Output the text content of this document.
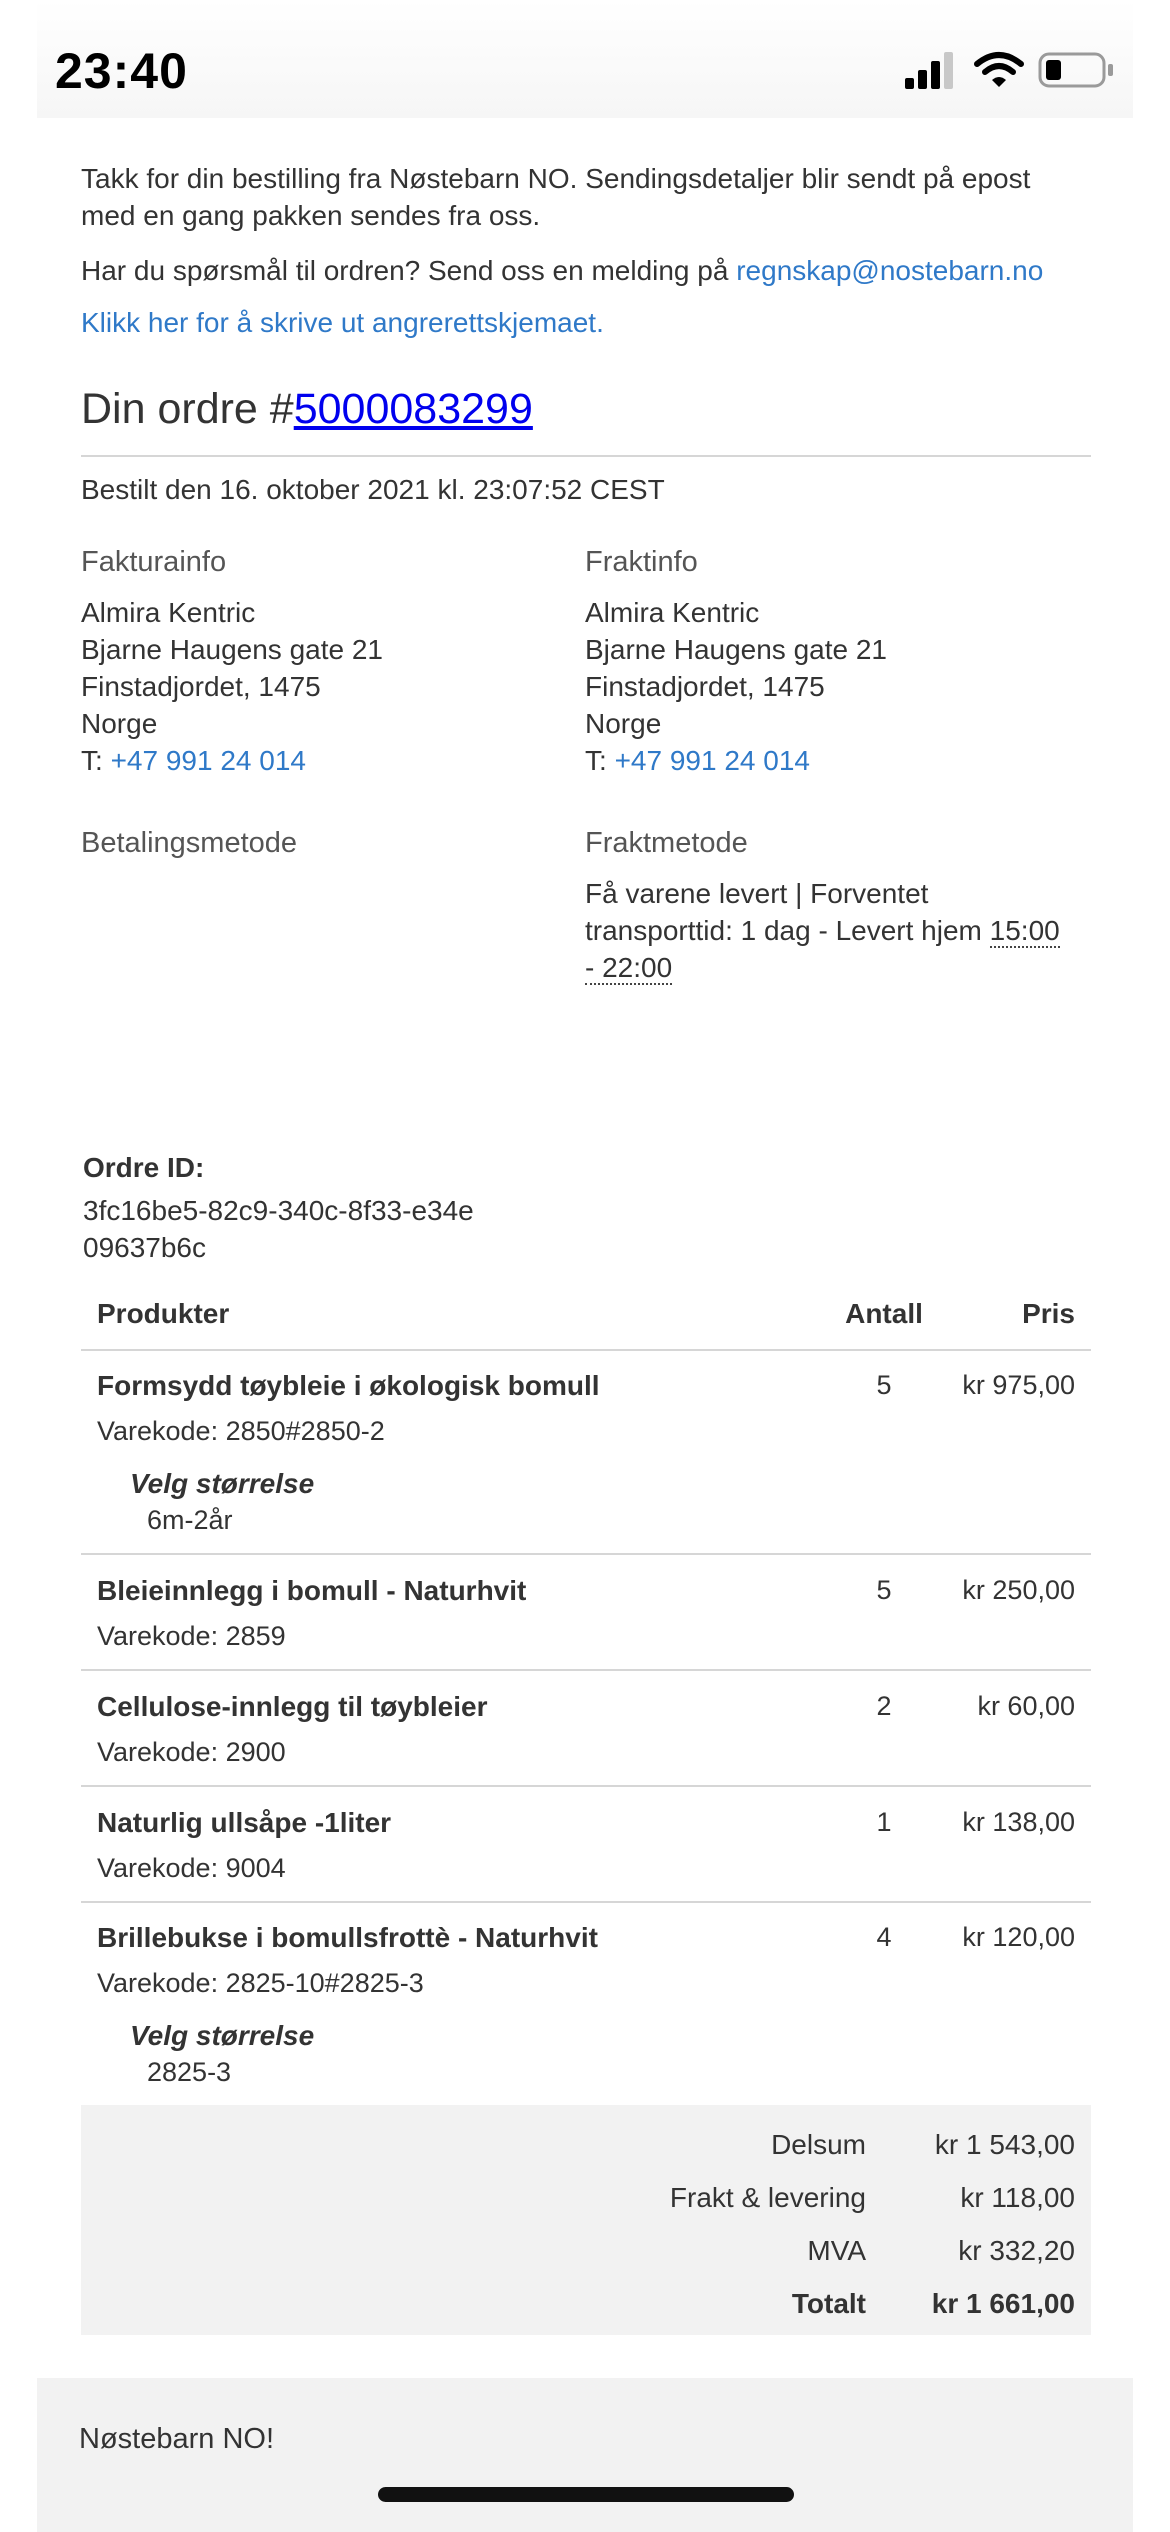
23:40
Takk for din bestilling fra Nøstebarn NO. Sendingsdetaljer blir sendt på epost med en gang pakken sendes fra oss.
Har du spørsmål til ordren? Send oss en melding på regnskap@nostebarn.no
Klikk her for å skrive ut angrerettskjemaet.
Din ordre #5000083299
Bestilt den 16. oktober 2021 kl. 23:07:52 CEST
Fakturainfo
Almira Kentric
Bjarne Haugens gate 21
Finstadjordet, 1475
Norge
T: +47 991 24 014
Fraktinfo
Almira Kentric
Bjarne Haugens gate 21
Finstadjordet, 1475
Norge
T: +47 991 24 014
Betalingsmetode	Fraktmetode
Få varene levert | Forventet
transporttid: 1 dag - Levert hjem 15:00
- 22:00
Ordre ID:
3fc16be5-82c9-340c-8f33-e34e09637b6c
Produkter	Antall	Pris
Formsydd tøybleie i økologisk bomull	5	kr 975,00
Varekode: 2850#2850-2
Velg størrelse
6m-2år
Bleieinnlegg i bomull - Naturhvit	5	kr 250,00
Varekode: 2859
Cellulose-innlegg til tøybleier	2	kr 60,00
Varekode: 2900
Naturlig ullsåpe -1liter	1	kr 138,00
Varekode: 9004
Brillebukse i bomullsfrottè - Naturhvit	4	kr 120,00
Varekode: 2825-10#2825-3
Velg størrelse
2825-3
Delsum kr 1 543,00
Frakt & levering	kr 118,00
MVA	kr 332,20
Totalt kr 1 661,00
Nøstebarn NO!
